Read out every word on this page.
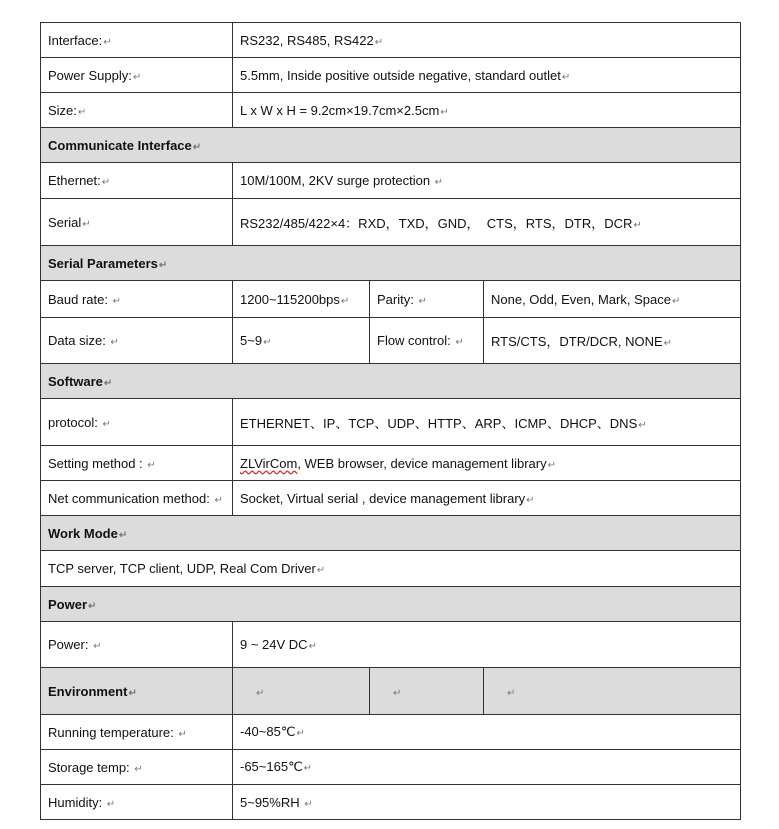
Interface:↵	RS232, RS485, RS422↵		
Power Supply:↵	5.5mm, Inside positive outside negative, standard outlet↵		
Size:↵	L x W x H = 9.2cm×19.7cm×2.5cm↵		
Communicate Interface↵			
Ethernet:↵	10M/100M, 2KV surge protection ↵		
Serial↵	RS232/485/422×4：RXD，TXD，GND，  CTS，RTS，DTR，DCR↵		
Serial Parameters↵			
Baud rate: ↵	1200~115200bps↵	Parity: ↵	None, Odd, Even, Mark, Space↵
Data size: ↵	5~9↵	Flow control: ↵	RTS/CTS，DTR/DCR, NONE↵
Software↵			
protocol: ↵	ETHERNET、IP、TCP、UDP、HTTP、ARP、ICMP、DHCP、DNS↵		
Setting method : ↵	ZLVirCom, WEB browser, device management library↵		
Net communication method: ↵	Socket, Virtual serial , device management library↵		
Work Mode↵			
TCP server, TCP client, UDP, Real Com Driver↵			
Power↵			
Power: ↵	9 ~ 24V DC↵		
Environment↵	↵	↵	↵
Running temperature: ↵	-40~85℃↵		
Storage temp: ↵	-65~165℃↵		
Humidity: ↵	5~95%RH ↵		
